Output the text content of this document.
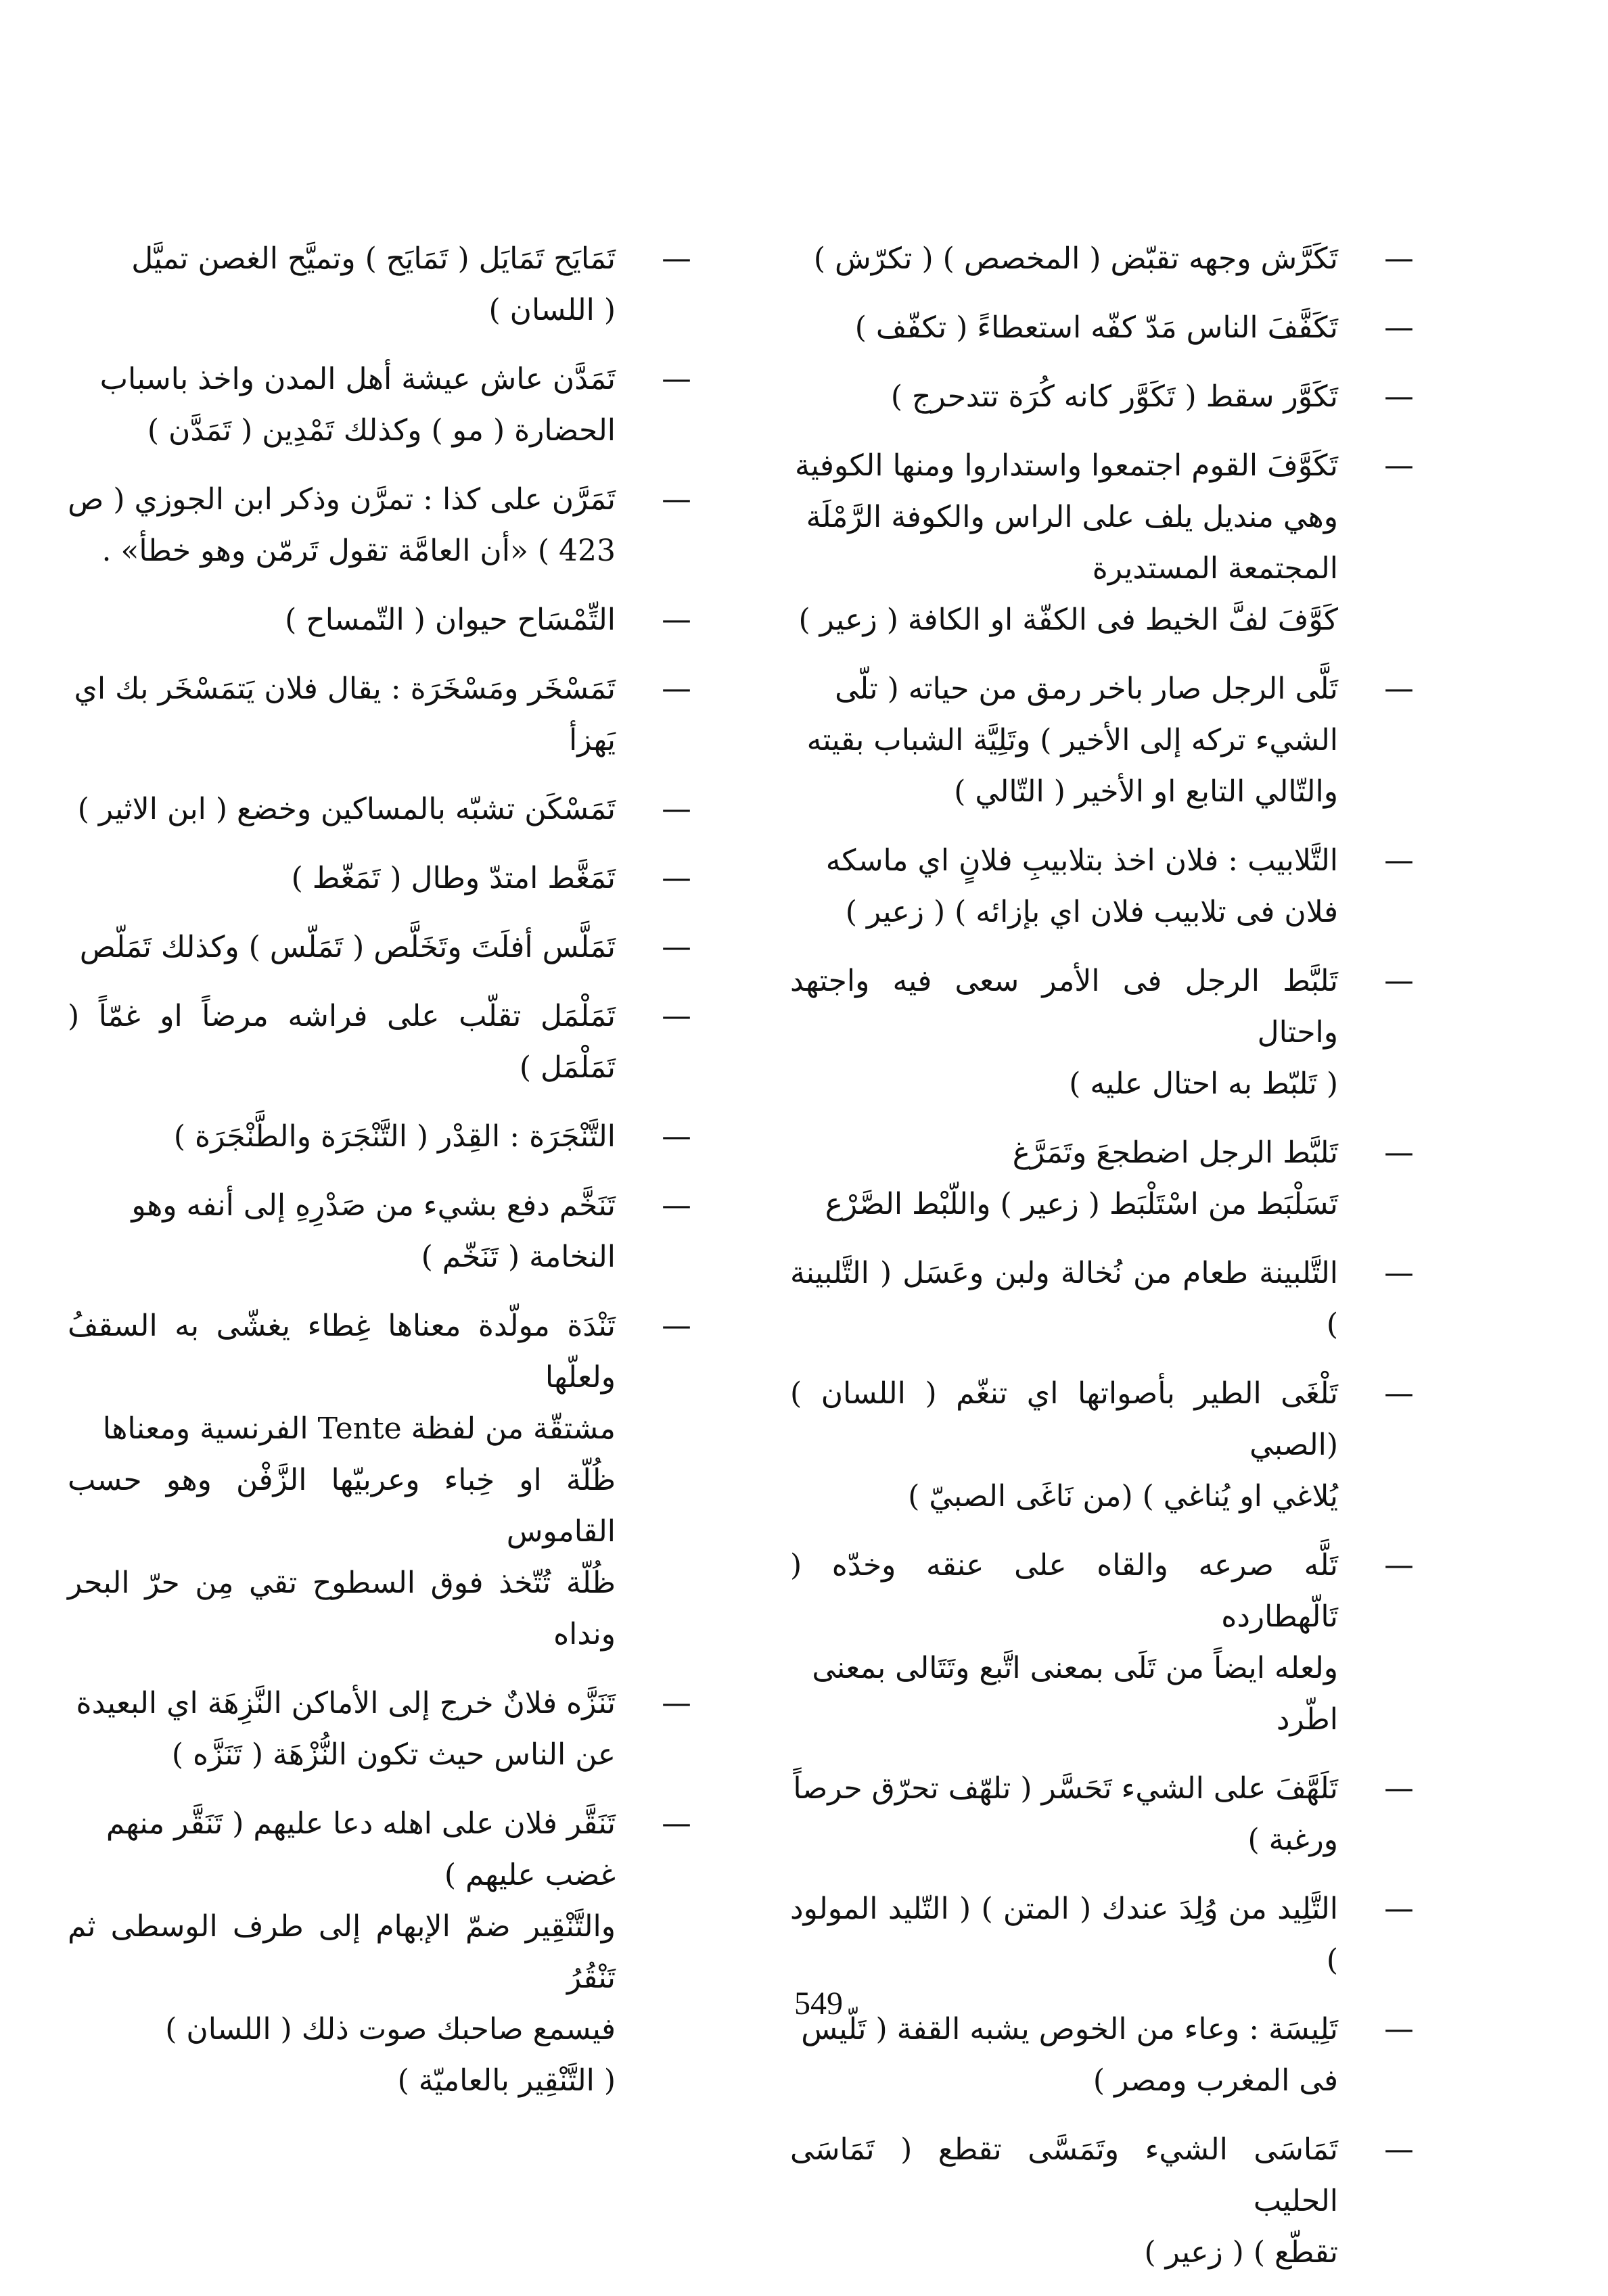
—
تَكَرَّش وجهه تقبّض ( المخصص ) ( تكرّش )
—
تَكَفَّفَ الناس مَدّ كفّه استعطاءً ( تكفّف )
—
تَكَوَّر سقط ( تَكَوَّر كانه كُرَة تتدحرج )
—
تَكَوَّفَ القوم اجتمعوا واستداروا ومنها الكوفية
وهي منديل يلف على الراس والكوفة الرَّمْلَة
المجتمعة المستديرة
كَوَّفَ لفَّ الخيط فى الكفّة او الكافة ( زعير )
—
تَلَّى الرجل صار باخر رمق من حياته ( تلّى
الشيء تركه إلى الأخير ) وتَلِيَّة الشباب بقيته
والتّالي التابع او الأخير ( التّالي )
—
التَّلابيب : فلان اخذ بتلابيبِ فلانٍ اي ماسكه
فلان فى تلابيب فلان اي بإزائه ) ( زعير )
—
تَلبَّط الرجل فى الأمر سعى فيه واجتهد واحتال
( تَلبّط به احتال عليه )
—
تَلبَّط الرجل اضطجعَ وتَمَرَّغ
تَسَلْبَط من اسْتَلْبَط ( زعير ) واللّبْط الصَّرْع
—
التَّلبينة طعام من نُخالة ولبن وعَسَل ( التَّلبينة )
—
تَلْغَى الطير بأصواتها اي تنغّم ( اللسان ) (الصبي
يُلاغي او يُناغي ) (من نَاغَى الصبيّ )
—
تَلَّه صرعه والقاه على عنقه وخدّه ( تَالّهطارده
ولعله ايضاً من تَلَى بمعنى اتَّبع وتَتَالى بمعنى
اطّرد
—
تَلَهَّفَ على الشيء تَحَسَّر ( تلهّف تحرّق حرصاً
ورغبة )
—
التَّلِيد من وُلِدَ عندك ( المتن ) ( التّليد المولود )
—
تَلِيسَة : وعاء من الخوص يشبه القفة ( تَلّيس
فى المغرب ومصر )
—
تَمَاسَى الشيء وتَمَسَّى تقطع ( تَمَاسَى الحليب
تقطّع ) ( زعير )
—
تَمَايَح تَمَايَل ( تَمَايَح ) وتميَّح الغصن تميَّل
( اللسان )
—
تَمَدَّن عاش عيشة أهل المدن واخذ باسباب
الحضارة ( مو ) وكذلك تَمْدِين ( تَمَدَّن )
—
تَمَرَّن على كذا : تمرَّن وذكر ابن الجوزي ( ص
423 ) «أن العامَّة تقول تَرمّن وهو خطأ» .
—
التِّمْسَاح حيوان ( التّمساح )
—
تَمَسْخَر ومَسْخَرَة : يقال فلان يَتمَسْخَر بك اي
يَهزأ
—
تَمَسْكَن تشبّه بالمساكين وخضع ( ابن الاثير )
—
تَمَغَّط امتدّ وطال ( تَمَغّط )
—
تَمَلَّس أفلَتَ وتَخَلَّص ( تَمَلّس ) وكذلك تَمَلّص
—
تَمَلْمَل تقلّب على فراشه مرضاً او غمّاً ( تَمَلْمَل )
—
التَّنْجَرَة : القِدْر ( التَّنْجَرَة والطَّنْجَرَة )
—
تَنَخَّم دفع بشيء من صَدْرِهِ إلى أنفه وهو
النخامة ( تَنَخّم )
—
تَنْدَة مولّدة معناها غِطاء يغشّى به السقفُ ولعلّها
مشتقّة من لفظة Tente الفرنسية ومعناها
ظُلّة او خِباء وعربيّها الزَّفْن وهو حسب القاموس
ظُلّة تُتّخذ فوق السطوح تقي مِن حرّ البحر ونداه
—
تَنَزَّه فلانٌ خرج إلى الأماكن النَّزِهَة اي البعيدة
عن الناس حيث تكون النُّزْهَة ( تَنَزَّه )
—
تَنَقَّر فلان على اهله دعا عليهم ( تَنَقَّر منهم
غضب عليهم )
والتَّنْقِير ضمّ الإبهام إلى طرف الوسطى ثم تَنْقُرُ
فيسمع صاحبك صوت ذلك ( اللسان )
( التَّنْقِير بالعاميّة )
549
